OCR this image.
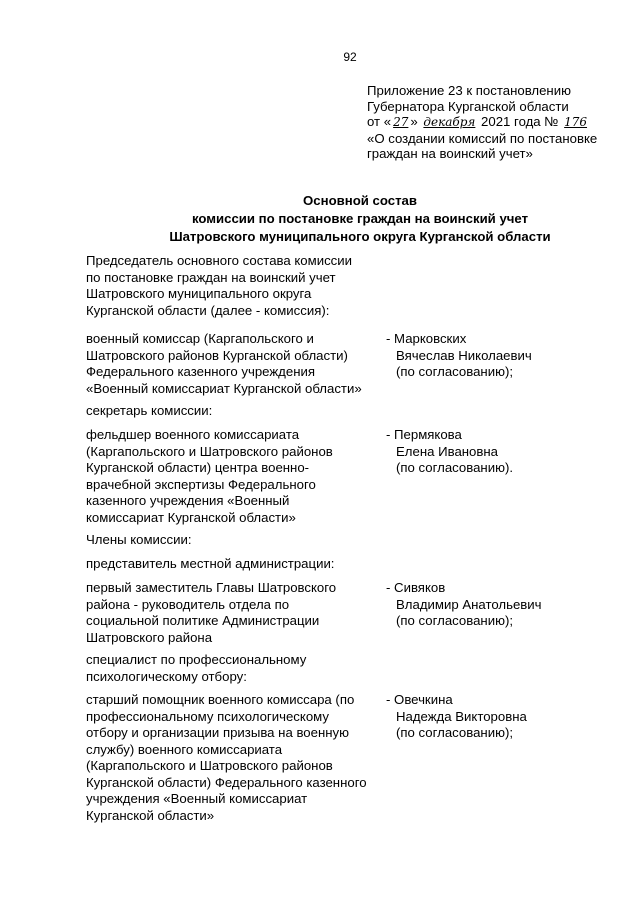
92
Приложение 23 к постановлению
Губернатора Курганской области
от « 27 » декабря 2021 года № 176
«О создании комиссий по постановке
граждан на воинский учет»
Основной состав
комиссии по постановке граждан на воинский учет
Шатровского муниципального округа Курганской области
Председатель основного состава комиссии
по постановке граждан на воинский учет
Шатровского муниципального округа
Курганской области (далее - комиссия):
военный комиссар (Каргапольского и
Шатровского районов Курганской области)
Федерального казенного учреждения
«Военный комиссариат Курганской области»
- Марковских
Вячеслав Николаевич
(по согласованию);
секретарь комиссии:
фельдшер военного комиссариата
(Каргапольского и Шатровского районов
Курганской области) центра военно-
врачебной экспертизы Федерального
казенного учреждения «Военный
комиссариат Курганской области»
- Пермякова
Елена Ивановна
(по согласованию).
Члены комиссии:
представитель местной администрации:
первый заместитель Главы Шатровского
района - руководитель отдела по
социальной политике Администрации
Шатровского района
- Сивяков
Владимир Анатольевич
(по согласованию);
специалист по профессиональному
психологическому отбору:
старший помощник военного комиссара (по
профессиональному психологическому
отбору и организации призыва на военную
службу) военного комиссариата
(Каргапольского и Шатровского районов
Курганской области) Федерального казенного
учреждения «Военный комиссариат
Курганской области»
- Овечкина
Надежда Викторовна
(по согласованию);
